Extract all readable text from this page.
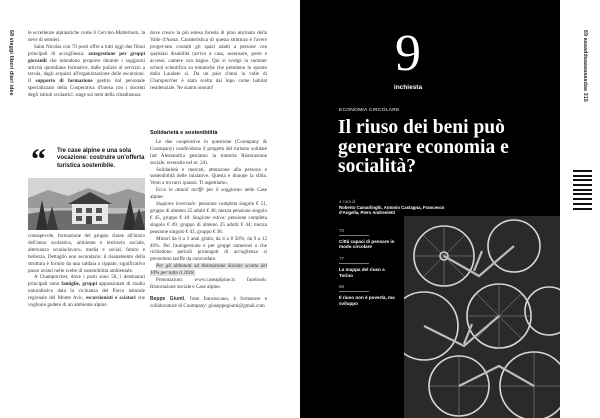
68 viaggi liberi diari idee	le eccellenze alpinistiche come il Cervino-Matterhorn, la neve di sentieri.

Saint Nicolas con 70 posti offre a tutti oggi due filoni principali di accoglienza: autogestione per gruppi giovanili che intendono proporre durante i soggiorni attività quotidiane formative, dalle pulizie al servizio a tavola, dagli acquisti all'organizzazione delle escursioni. Il supporto di formazione gestito dal personale specializzato della Cooperativa d'intesa con i docenti degli istituti scolastici: stage sui temi della cittadinanza

“ Tre case alpine e una sola vocazione: costruire un'offerta turistica sostenibile.

consapevole, formazione del gruppo classe all'inizio dell'anno scolastico, ambiente e territorio sociale, alternanza scuola/lavoro, media e social, futuro e bellezza. Dettaglio non secondario: il risanamento della struttura è fornito da una caldaia a cippato, significativo passo avanti nelle scelte di sostenibilità ambientale.

A Champorcher, dove i posti sono 50, i destinatari principali sono famiglie, gruppi appassionati di studio naturalistico data la vicinanza del Parco naturale regionale del Monte Avic, escursionisti e sciatori che vogliono godere di un ambiente alpino

dove cresce la più estesa foresta di pino uncinato della Valle d'Aosta. Caratteristica di questa struttura è l'avere proget-tato contatti gli spazi adatti a persone con qualsiasi disabilità (arrivo a casa, ascensore, porte e accessi, camere con bagno. Qui si svolge la summer school scientifica su tematiche che prendono lo spunto dalla Laudato si. Da un paio d'anni la valle di Champorcher è stata scelta dal lupo come habitat residenziale. Ne siamo onorati!

Solidarietà e sostenibilità

Le due cooperative in questione (Coompany & Coompany) condividono il progetto del turismo solidale (ad Alessandria gestiamo la trattoria Ristorazione sociale, recensita nel nr. 24).

Solidarietà e mercati, attenzione alla persona e sostenibilità delle iniziative. Questa è dunque la sfida. Venti a trovarci quassù. Ti aspettiamo.

Ecco le attuali tariffe per il soggiorno nelle Case alpine:

Stagione invernale: pensione completa singolo € 51, gruppo di almeno 25 adulti € 46; mezza pensione singolo € 45, gruppo € 40. Stagione estiva: pensione completa singolo € 49, gruppo di almeno 25 adulti € 44; mezza pensione singolo € 43, gruppo € 38.

Minori da 0 a 3 anni gratis; da 4 a 8 50%; da 9 a 12 40%. Per l'autogestione e per gruppi numerosi o che richiedono periodi prolungati di accoglienza si prevedono tariffe da concordare.

Per gli abbonati ad Animazione Sociale sconto del 10% per tutto il 2018.

Prenotazioni: www.caseaplpine.it; facebook: Ristorazione sociale e Case alpine.

Beppe Giunti, frate francescano, è formatore e collaboratore di Coompany: giuseppegiunti@gmail.com

9
inchiesta
ECONOMIA CIRCOLARE
Il riuso dei beni può generare economia e socialità?
a cura di
Roberto Camarlinghi, Antonio Castagna, Francesco d'Angella, Piero Andreoletti
70
Città capaci di pensare in modo circolare
77
La mappa del riuso a Torino
86
Il riuso non è povertà, ma sviluppo
69 aaaaddaaaaaaaadaa 315
